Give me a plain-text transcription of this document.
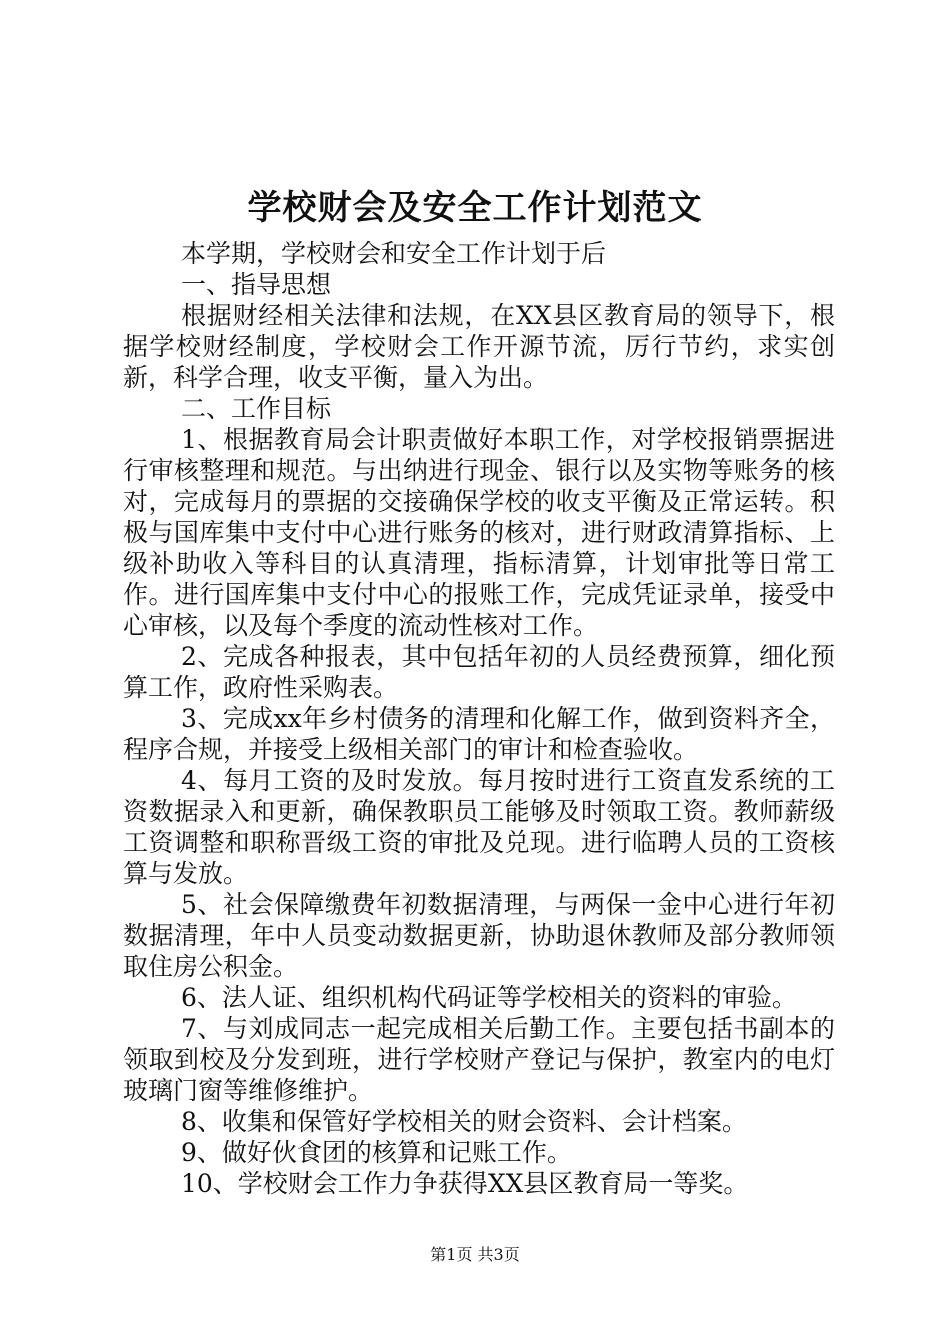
学校财会及安全工作计划范文

本学期，学校财会和安全工作计划于后

一、指导思想

根据财经相关法律和法规，在XX县区教育局的领导下，根据学校财经制度，学校财会工作开源节流，厉行节约，求实创新，科学合理，收支平衡，量入为出。

二、工作目标

1、根据教育局会计职责做好本职工作，对学校报销票据进行审核整理和规范。与出纳进行现金、银行以及实物等账务的核对，完成每月的票据的交接确保学校的收支平衡及正常运转。积极与国库集中支付中心进行账务的核对，进行财政清算指标、上级补助收入等科目的认真清理，指标清算，计划审批等日常工作。进行国库集中支付中心的报账工作，完成凭证录单，接受中心审核，以及每个季度的流动性核对工作。

2、完成各种报表，其中包括年初的人员经费预算，细化预算工作，政府性采购表。

3、完成xx年乡村债务的清理和化解工作，做到资料齐全，程序合规，并接受上级相关部门的审计和检查验收。

4、每月工资的及时发放。每月按时进行工资直发系统的工资数据录入和更新，确保教职员工能够及时领取工资。教师薪级工资调整和职称晋级工资的审批及兑现。进行临聘人员的工资核算与发放。

5、社会保障缴费年初数据清理，与两保一金中心进行年初数据清理，年中人员变动数据更新，协助退休教师及部分教师领取住房公积金。

6、法人证、组织机构代码证等学校相关的资料的审验。

7、与刘成同志一起完成相关后勤工作。主要包括书副本的领取到校及分发到班，进行学校财产登记与保护，教室内的电灯玻璃门窗等维修维护。

8、收集和保管好学校相关的财会资料、会计档案。

9、做好伙食团的核算和记账工作。

10、学校财会工作力争获得XX县区教育局一等奖。

第1页 共3页
